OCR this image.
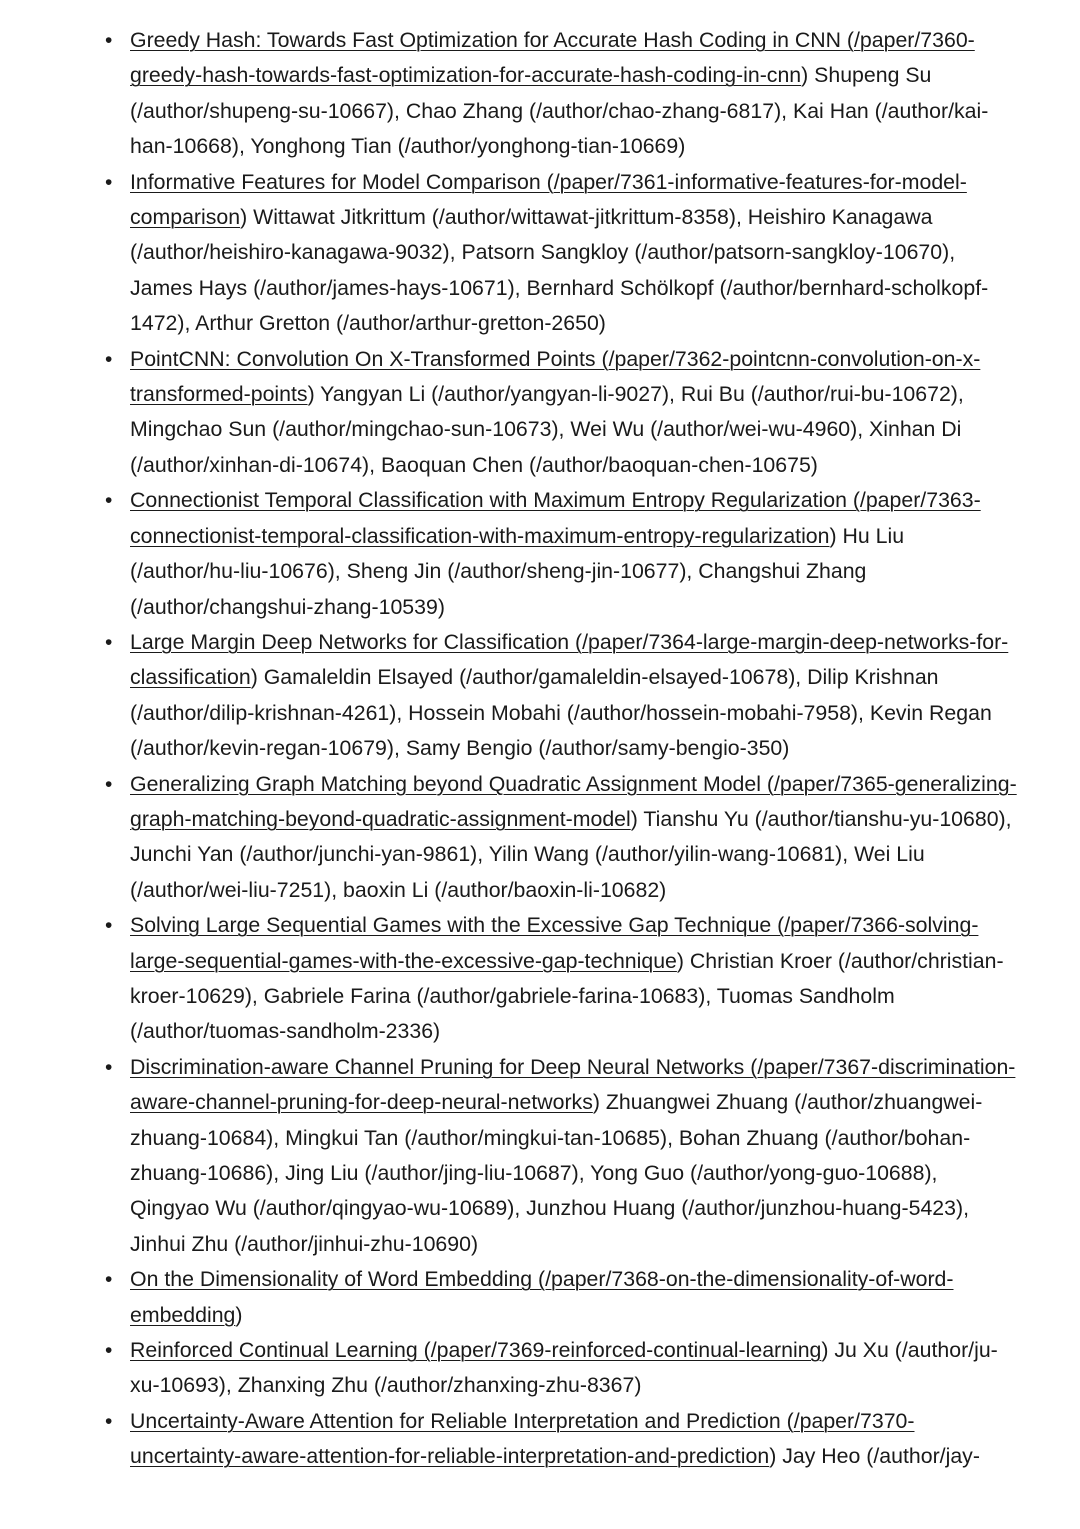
• Greedy Hash: Towards Fast Optimization for Accurate Hash Coding in CNN (/paper/7360-greedy-hash-towards-fast-optimization-for-accurate-hash-coding-in-cnn) Shupeng Su (/author/shupeng-su-10667), Chao Zhang (/author/chao-zhang-6817), Kai Han (/author/kai-han-10668), Yonghong Tian (/author/yonghong-tian-10669)
• Informative Features for Model Comparison (/paper/7361-informative-features-for-model-comparison) Wittawat Jitkrittum (/author/wittawat-jitkrittum-8358), Heishiro Kanagawa (/author/heishiro-kanagawa-9032), Patsorn Sangkloy (/author/patsorn-sangkloy-10670), James Hays (/author/james-hays-10671), Bernhard Schölkopf (/author/bernhard-scholkopf-1472), Arthur Gretton (/author/arthur-gretton-2650)
• PointCNN: Convolution On X-Transformed Points (/paper/7362-pointcnn-convolution-on-x-transformed-points) Yangyan Li (/author/yangyan-li-9027), Rui Bu (/author/rui-bu-10672), Mingchao Sun (/author/mingchao-sun-10673), Wei Wu (/author/wei-wu-4960), Xinhan Di (/author/xinhan-di-10674), Baoquan Chen (/author/baoquan-chen-10675)
• Connectionist Temporal Classification with Maximum Entropy Regularization (/paper/7363-connectionist-temporal-classification-with-maximum-entropy-regularization) Hu Liu (/author/hu-liu-10676), Sheng Jin (/author/sheng-jin-10677), Changshui Zhang (/author/changshui-zhang-10539)
• Large Margin Deep Networks for Classification (/paper/7364-large-margin-deep-networks-for-classification) Gamaleldin Elsayed (/author/gamaleldin-elsayed-10678), Dilip Krishnan (/author/dilip-krishnan-4261), Hossein Mobahi (/author/hossein-mobahi-7958), Kevin Regan (/author/kevin-regan-10679), Samy Bengio (/author/samy-bengio-350)
• Generalizing Graph Matching beyond Quadratic Assignment Model (/paper/7365-generalizing-graph-matching-beyond-quadratic-assignment-model) Tianshu Yu (/author/tianshu-yu-10680), Junchi Yan (/author/junchi-yan-9861), Yilin Wang (/author/yilin-wang-10681), Wei Liu (/author/wei-liu-7251), baoxin Li (/author/baoxin-li-10682)
• Solving Large Sequential Games with the Excessive Gap Technique (/paper/7366-solving-large-sequential-games-with-the-excessive-gap-technique) Christian Kroer (/author/christian-kroer-10629), Gabriele Farina (/author/gabriele-farina-10683), Tuomas Sandholm (/author/tuomas-sandholm-2336)
• Discrimination-aware Channel Pruning for Deep Neural Networks (/paper/7367-discrimination-aware-channel-pruning-for-deep-neural-networks) Zhuangwei Zhuang (/author/zhuangwei-zhuang-10684), Mingkui Tan (/author/mingkui-tan-10685), Bohan Zhuang (/author/bohan-zhuang-10686), Jing Liu (/author/jing-liu-10687), Yong Guo (/author/yong-guo-10688), Qingyao Wu (/author/qingyao-wu-10689), Junzhou Huang (/author/junzhou-huang-5423), Jinhui Zhu (/author/jinhui-zhu-10690)
• On the Dimensionality of Word Embedding (/paper/7368-on-the-dimensionality-of-word-embedding)
• Reinforced Continual Learning (/paper/7369-reinforced-continual-learning) Ju Xu (/author/ju-xu-10693), Zhanxing Zhu (/author/zhanxing-zhu-8367)
• Uncertainty-Aware Attention for Reliable Interpretation and Prediction (/paper/7370-uncertainty-aware-attention-for-reliable-interpretation-and-prediction) Jay Heo (/author/jay-
